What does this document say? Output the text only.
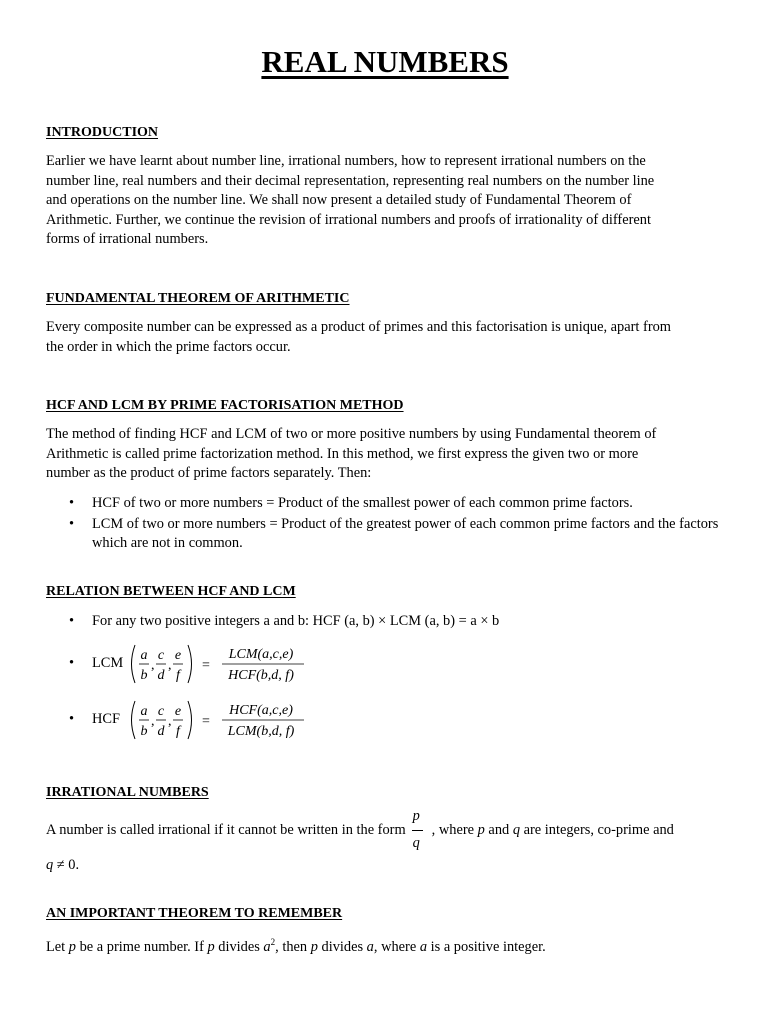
REAL NUMBERS
INTRODUCTION
Earlier we have learnt about number line, irrational numbers, how to represent irrational numbers on the
number line, real numbers and their decimal representation, representing real numbers on the number line
and operations on the number line. We shall now present a detailed study of Fundamental Theorem of
Arithmetic. Further, we continue the revision of irrational numbers and proofs of irrationality of different
forms of irrational numbers.
FUNDAMENTAL THEOREM OF ARITHMETIC
Every composite number can be expressed as a product of primes and this factorisation is unique, apart from
the order in which the prime factors occur.
HCF AND LCM BY PRIME FACTORISATION METHOD
The method of finding HCF and LCM of two or more positive numbers by using Fundamental theorem of
Arithmetic is called prime factorization method. In this method, we first express the given two or more
number as the product of prime factors separately. Then:
• HCF of two or more numbers = Product of the smallest power of each common prime factors.
• LCM of two or more numbers = Product of the greatest power of each common prime factors and the factors which are not in common.
RELATION BETWEEN HCF AND LCM
• For any two positive integers a and b: HCF (a, b) × LCM (a, b) = a × b
• LCM a
b
,
c
d
,
e
f
=
LCM(a,c,e)
HCF(b,d, f)
• HCF a
b
,
c
d
,
e
f
=
HCF(a,c,e)
LCM(b,d, f)
IRRATIONAL NUMBERS
A number is called irrational if it cannot be written in the form $\frac{p}{q}$ , where p and q are integers, co-prime and
q ≠ 0.
AN IMPORTANT THEOREM TO REMEMBER
Let p be a prime number. If p divides $a^2$, then p divides a, where a is a positive integer.
